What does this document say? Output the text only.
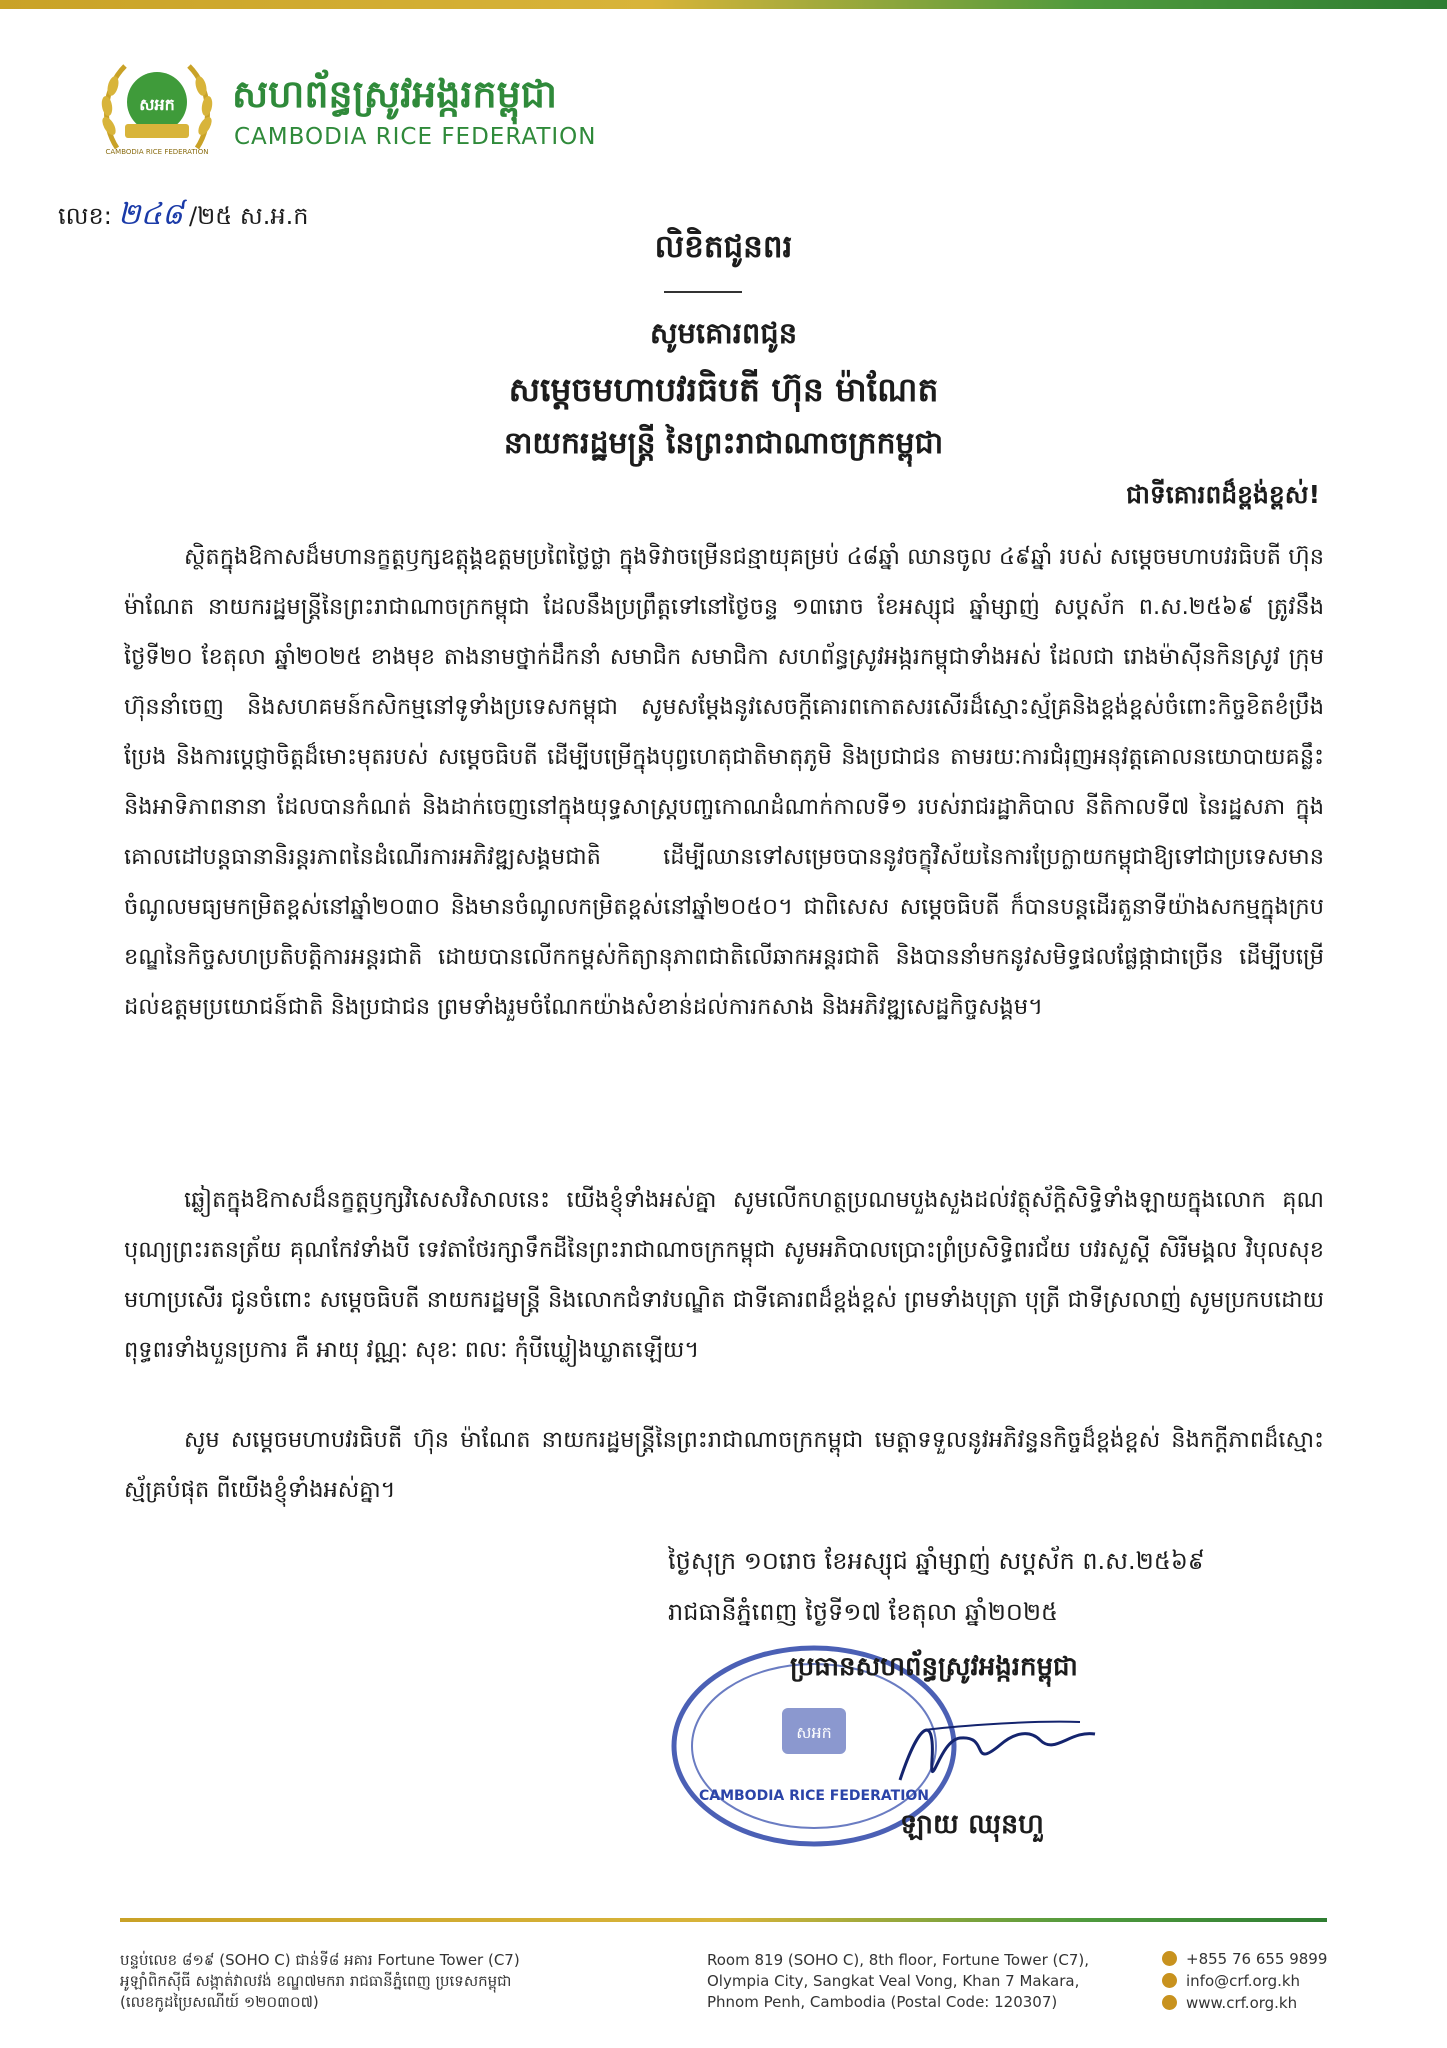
សអក
CAMBODIA RICE FEDERATION
សហព័ន្ធស្រូវអង្ករកម្ពុជា
CAMBODIA RICE FEDERATION
លេខ: ២៤៨ /២៥ ស.អ.ក
លិខិតជូនពរ
សូមគោរពជូន
សម្ដេចមហាបវរធិបតី ហ៊ុន ម៉ាណែត
នាយករដ្ឋមន្ត្រី នៃព្រះរាជាណាចក្រកម្ពុជា
ជាទីគោរពដ៏ខ្ពង់ខ្ពស់!

ស្ថិតក្នុងឱកាសដ៏មហានក្ខត្តឫក្សឧត្តុង្គឧត្តមប្រពៃថ្លៃថ្លា ក្នុងទិវាចម្រើនជន្មាយុគម្រប់ ៤៨ឆ្នាំ ឈានចូល ៤៩ឆ្នាំ របស់ សម្ដេចមហាបវរធិបតី ហ៊ុន ម៉ាណែត នាយករដ្ឋមន្ត្រីនៃព្រះរាជាណាចក្រកម្ពុជា ដែលនឹងប្រព្រឹត្តទៅនៅថ្ងៃចន្ទ ១៣រោច ខែអស្សុជ ឆ្នាំម្សាញ់ សប្តស័ក ព.ស.២៥៦៩ ត្រូវនឹងថ្ងៃទី២០ ខែតុលា ឆ្នាំ២០២៥ ខាងមុខ តាងនាមថ្នាក់ដឹកនាំ សមាជិក សមាជិកា សហព័ន្ធស្រូវអង្ករកម្ពុជាទាំងអស់ ដែលជា រោងម៉ាស៊ីនកិនស្រូវ ក្រុមហ៊ុននាំចេញ និងសហគមន៍កសិកម្មនៅទូទាំងប្រទេសកម្ពុជា សូមសម្ដែងនូវសេចក្ដីគោរពកោតសរសើរដ៏ស្មោះស្ម័គ្រនិងខ្ពង់ខ្ពស់ចំពោះកិច្ចខិតខំប្រឹងប្រែង និងការប្ដេជ្ញាចិត្តដ៏មោះមុតរបស់ សម្ដេចធិបតី ដើម្បីបម្រើក្នុងបុព្វហេតុជាតិមាតុភូមិ និងប្រជាជន តាមរយៈការជំរុញអនុវត្តគោលនយោបាយគន្លឹះ និងអាទិភាពនានា ដែលបានកំណត់ និងដាក់ចេញនៅក្នុងយុទ្ធសាស្ត្របញ្ចកោណដំណាក់កាលទី១ របស់រាជរដ្ឋាភិបាល នីតិកាលទី៧ នៃរដ្ឋសភា ក្នុងគោលដៅបន្តធានានិរន្តរភាពនៃដំណើរការអភិវឌ្ឍសង្គមជាតិ ដើម្បីឈានទៅសម្រេចបាននូវចក្ខុវិស័យនៃការប្រែក្លាយកម្ពុជាឱ្យទៅជាប្រទេសមានចំណូលមធ្យមកម្រិតខ្ពស់នៅឆ្នាំ២០៣០ និងមានចំណូលកម្រិតខ្ពស់នៅឆ្នាំ២០៥០។ ជាពិសេស សម្ដេចធិបតី ក៏បានបន្តដើរតួនាទីយ៉ាងសកម្មក្នុងក្របខណ្ឌនៃកិច្ចសហប្រតិបត្តិការអន្តរជាតិ ដោយបានលើកកម្ពស់កិត្យានុភាពជាតិលើឆាកអន្តរជាតិ និងបាននាំមកនូវសមិទ្ធផលផ្លែផ្កាជាច្រើន ដើម្បីបម្រើដល់ឧត្តមប្រយោជន៍ជាតិ និងប្រជាជន ព្រមទាំងរួមចំណែកយ៉ាងសំខាន់ដល់ការកសាង និងអភិវឌ្ឍសេដ្ឋកិច្ចសង្គម។

ឆ្លៀតក្នុងឱកាសដ៏នក្ខត្តឫក្សវិសេសវិសាលនេះ យើងខ្ញុំទាំងអស់គ្នា សូមលើកហត្ថប្រណមបួងសួងដល់វត្ថុស័ក្តិសិទ្ធិទាំងឡាយក្នុងលោក គុណបុណ្យព្រះរតនត្រ័យ គុណកែវទាំងបី ទេវតាថែរក្សាទឹកដីនៃព្រះរាជាណាចក្រកម្ពុជា សូមអភិបាលប្រោះព្រំប្រសិទ្ធិពរជ័យ បវរសួស្ដី សិរីមង្គល វិបុលសុខមហាប្រសើរ ជូនចំពោះ សម្ដេចធិបតី នាយករដ្ឋមន្ត្រី និងលោកជំទាវបណ្ឌិត ជាទីគោរពដ៏ខ្ពង់ខ្ពស់ ព្រមទាំងបុត្រា បុត្រី ជាទីស្រលាញ់ សូមប្រកបដោយពុទ្ធពរទាំងបួនប្រការ គឺ អាយុ វណ្ណៈ សុខៈ ពលៈ កុំបីឃ្លៀងឃ្លាតឡើយ។

សូម សម្ដេចមហាបវរធិបតី ហ៊ុន ម៉ាណែត នាយករដ្ឋមន្ត្រីនៃព្រះរាជាណាចក្រកម្ពុជា មេត្តាទទួលនូវអភិវន្ទនកិច្ចដ៏ខ្ពង់ខ្ពស់ និងកក្ដីភាពដ៏ស្មោះស្ម័គ្របំផុត ពីយើងខ្ញុំទាំងអស់គ្នា។

ថ្ងៃសុក្រ ១០រោច ខែអស្សុជ ឆ្នាំម្សាញ់ សប្តស័ក ព.ស.២៥៦៩
រាជធានីភ្នំពេញ ថ្ងៃទី១៧ ខែតុលា ឆ្នាំ២០២៥
សអក
CAMBODIA RICE FEDERATION
ប្រធានសហព័ន្ធស្រូវអង្ករកម្ពុជា
ឡាយ ឈុនហួ
បន្ទប់លេខ ៨១៩ (SOHO C) ជាន់ទី៨ អគារ Fortune Tower (C7)
អូឡាំពិកស៊ីធី សង្កាត់វាលវង់ ខណ្ឌ៧មករា រាជធានីភ្នំពេញ ប្រទេសកម្ពុជា
(លេខកូដប្រៃសណីយ៍ ១២០៣០៧)
Room 819 (SOHO C), 8th floor, Fortune Tower (C7),
Olympia City, Sangkat Veal Vong, Khan 7 Makara,
Phnom Penh, Cambodia (Postal Code: 120307)
+855 76 655 9899
info@crf.org.kh
www.crf.org.kh
